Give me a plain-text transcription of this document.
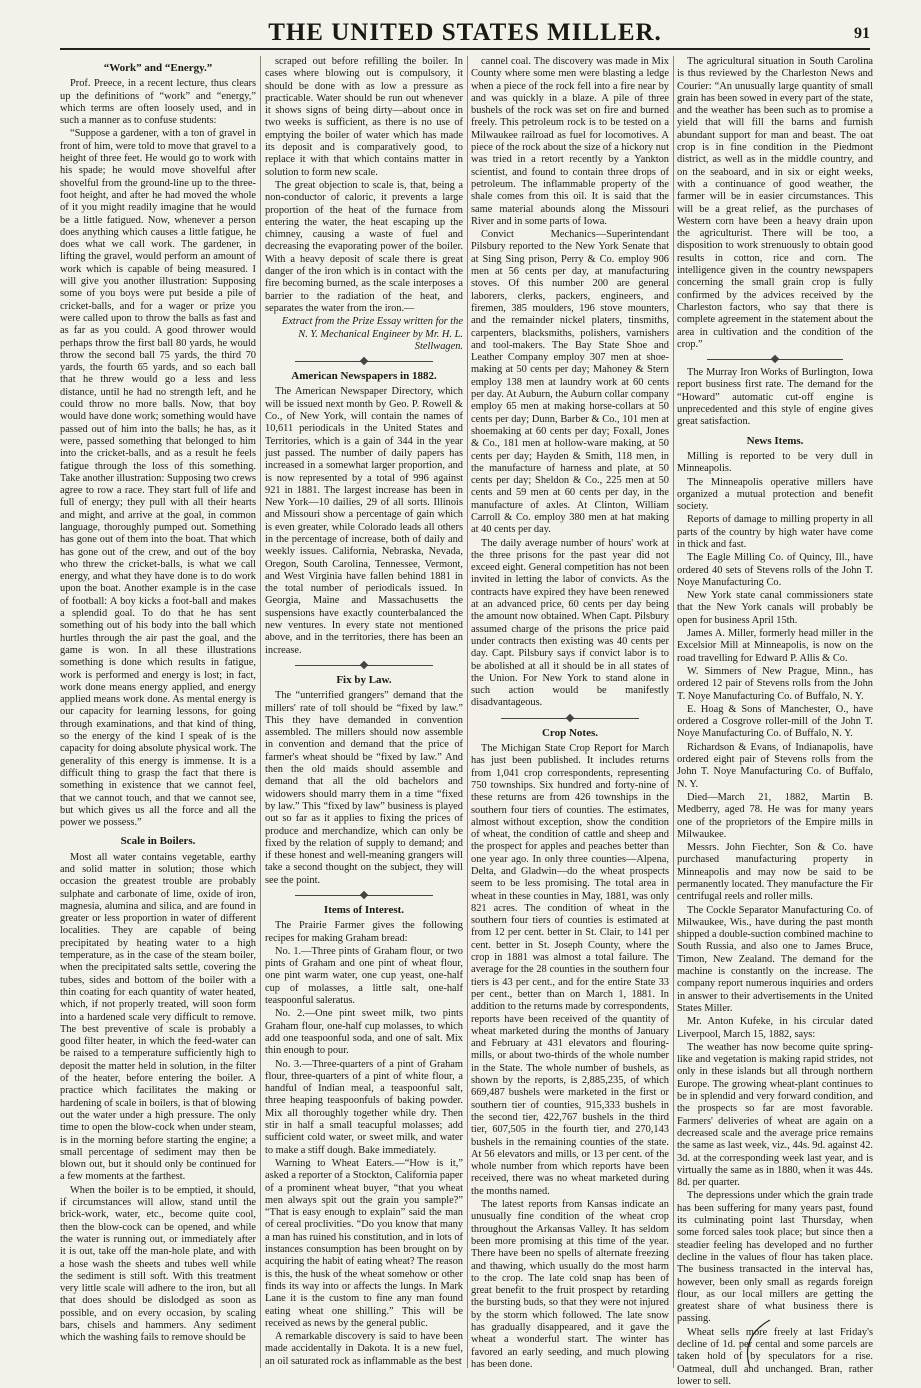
THE UNITED STATES MILLER.	91
“Work” and “Energy.”

Prof. Preece, in a recent lecture, thus clears up the definitions of “work” and “energy,” which terms are often loosely used, and in such a manner as to confuse students:

“Suppose a gardener, with a ton of gravel in front of him, were told to move that gravel to a height of three feet. He would go to work with his spade; he would move shovelful after shovelful from the ground-line up to the three-foot height, and after he had moved the whole of it you might readily imagine that he would be a little fatigued. Now, whenever a person does anything which causes a little fatigue, he does what we call work. The gardener, in lifting the gravel, would perform an amount of work which is capable of being measured. I will give you another illustration: Supposing some of you boys were put beside a pile of cricket-balls, and for a wager or prize you were called upon to throw the balls as fast and as far as you could. A good thrower would perhaps throw the first ball 80 yards, he would throw the second ball 75 yards, the third 70 yards, the fourth 65 yards, and so each ball that he threw would go a less and less distance, until he had no strength left, and he could throw no more balls. Now, that boy would have done work; something would have passed out of him into the balls; he has, as it were, passed something that belonged to him into the cricket-balls, and as a result he feels fatigue through the loss of this something. Take another illustration: Supposing two crews agree to row a race. They start full of life and full of energy; they pull with all their hearts and might, and arrive at the goal, in common language, thoroughly pumped out. Something has gone out of them into the boat. That which has gone out of the crew, and out of the boy who threw the cricket-balls, is what we call energy, and what they have done is to do work upon the boat. Another example is in the case of football: A boy kicks a foot-ball and makes a splendid goal. To do that he has sent something out of his body into the ball which hurtles through the air past the goal, and the game is won. In all these illustrations something is done which results in fatigue, work is performed and energy is lost; in fact, work done means energy applied, and energy applied means work done. As mental energy is our capacity for learning lessons, for going through examinations, and that kind of thing, so the energy of the kind I speak of is the capacity for doing absolute physical work. The generality of this energy is immense. It is a difficult thing to grasp the fact that there is something in existence that we cannot feel, that we cannot touch, and that we cannot see, but which gives us all the force and all the power we possess.”

Scale in Boilers.

Most all water contains vegetable, earthy and solid matter in solution; those which occasion the greatest trouble are probably sulphate and carbonate of lime, oxide of iron, magnesia, alumina and silica, and are found in greater or less proportion in water of different localities. They are capable of being precipitated by heating water to a high temperature, as in the case of the steam boiler, when the precipitated salts settle, covering the tubes, sides and bottom of the boiler with a thin coating for each quantity of water heated, which, if not properly treated, will soon form into a hardened scale very difficult to remove. The best preventive of scale is probably a good filter heater, in which the feed-water can be raised to a temperature sufficiently high to deposit the matter held in solution, in the filter of the heater, before entering the boiler. A practice which facilitates the making or hardening of scale in boilers, is that of blowing out the water under a high pressure. The only time to open the blow-cock when under steam, is in the morning before starting the engine; a small percentage of sediment may then be blown out, but it should only be continued for a few moments at the farthest.

When the boiler is to be emptied, it should, if circumstances will allow, stand until the brick-work, water, etc., become quite cool, then the blow-cock can be opened, and while the water is running out, or immediately after it is out, take off the man-hole plate, and with a hose wash the sheets and tubes well while the sediment is still soft. With this treatment very little scale will adhere to the iron, but all that does should be dislodged as soon as possible, and on every occasion, by scaling bars, chisels and hammers. Any sediment which the washing fails to remove should be

scraped out before refilling the boiler. In cases where blowing out is compulsory, it should be done with as low a pressure as practicable. Water should be run out whenever it shows signs of being dirty—about once in two weeks is sufficient, as there is no use of emptying the boiler of water which has made its deposit and is comparatively good, to replace it with that which contains matter in solution to form new scale.

The great objection to scale is, that, being a non-conductor of caloric, it prevents a large proportion of the heat of the furnace from entering the water, the heat escaping up the chimney, causing a waste of fuel and decreasing the evaporating power of the boiler. With a heavy deposit of scale there is great danger of the iron which is in contact with the fire becoming burned, as the scale interposes a barrier to the radiation of the heat, and separates the water from the iron.—

Extract from the Prize Essay written for the N. Y. Mechanical Engineer by Mr. H. L. Stellwagen.

American Newspapers in 1882.

The American Newspaper Directory, which will be issued next month by Geo. P. Rowell & Co., of New York, will contain the names of 10,611 periodicals in the United States and Territories, which is a gain of 344 in the year just passed. The number of daily papers has increased in a somewhat larger proportion, and is now represented by a total of 996 against 921 in 1881. The largest increase has been in New York—10 dailies, 29 of all sorts. Illinois and Missouri show a percentage of gain which is even greater, while Colorado leads all others in the percentage of increase, both of daily and weekly issues. California, Nebraska, Nevada, Oregon, South Carolina, Tennessee, Vermont, and West Virginia have fallen behind 1881 in the total number of periodicals issued. In Georgia, Maine and Massachusetts the suspensions have exactly counterbalanced the new ventures. In every state not mentioned above, and in the territories, there has been an increase.

Fix by Law.

The “unterrified grangers” demand that the millers' rate of toll should be “fixed by law.” This they have demanded in convention assembled. The millers should now assemble in convention and demand that the price of farmer's wheat should be “fixed by law.” And then the old maids should assemble and demand that all the old bachelors and widowers should marry them in a time “fixed by law.” This “fixed by law” business is played out so far as it applies to fixing the prices of produce and merchandize, which can only be fixed by the relation of supply to demand; and if these honest and well-meaning grangers will take a second thought on the subject, they will see the point.

Items of Interest.

The Prairie Farmer gives the following recipes for making Graham bread:

No. 1.—Three pints of Graham flour, or two pints of Graham and one pint of wheat flour, one pint warm water, one cup yeast, one-half cup of molasses, a little salt, one-half teaspoonful saleratus.

No. 2.—One pint sweet milk, two pints Graham flour, one-half cup molasses, to which add one teaspoonful soda, and one of salt. Mix thin enough to pour.

No. 3.—Three-quarters of a pint of Graham flour, three-quarters of a pint of white flour, a handful of Indian meal, a teaspoonful salt, three heaping teaspoonfuls of baking powder. Mix all thoroughly together while dry. Then stir in half a small teacupful molasses; add sufficient cold water, or sweet milk, and water to make a stiff dough. Bake immediately.

Warning to Wheat Eaters.—“How is it,” asked a reporter of a Stockton, California paper of a prominent wheat buyer, “that you wheat men always spit out the grain you sample?” “That is easy enough to explain” said the man of cereal proclivities. “Do you know that many a man has ruined his constitution, and in lots of instances consumption has been brought on by acquiring the habit of eating wheat? The reason is this, the husk of the wheat somehow or other finds its way into or affects the lungs. In Mark Lane it is the custom to fine any man found eating wheat one shilling.” This will be received as news by the general public.

A remarkable discovery is said to have been made accidentally in Dakota. It is a new fuel, an oil saturated rock as inflammable as the best

cannel coal. The discovery was made in Mix County where some men were blasting a ledge when a piece of the rock fell into a fire near by and was quickly in a blaze. A pile of three bushels of the rock was set on fire and burned freely. This petroleum rock is to be tested on a Milwaukee railroad as fuel for locomotives. A piece of the rock about the size of a hickory nut was tried in a retort recently by a Yankton scientist, and found to contain three drops of petroleum. The inflammable property of the shale comes from this oil. It is said that the same material abounds along the Missouri River and in some parts of Iowa.

Convict Mechanics—Superintendant Pilsbury reported to the New York Senate that at Sing Sing prison, Perry & Co. employ 906 men at 56 cents per day, at manufacturing stoves. Of this number 200 are general laborers, clerks, packers, engineers, and firemen, 385 moulders, 196 stove mounters, and the remainder nickel platers, tinsmiths, carpenters, blacksmiths, polishers, varnishers and tool-makers. The Bay State Shoe and Leather Company employ 307 men at shoe-making at 50 cents per day; Mahoney & Stern employ 138 men at laundry work at 60 cents per day. At Auburn, the Auburn collar company employ 65 men at making horse-collars at 50 cents per day; Dunn, Barber & Co., 101 men at shoemaking at 60 cents per day; Foxall, Jones & Co., 181 men at hollow-ware making, at 50 cents per day; Hayden & Smith, 118 men, in the manufacture of harness and plate, at 50 cents per day; Sheldon & Co., 225 men at 50 cents and 59 men at 60 cents per day, in the manufacture of axles. At Clinton, William Carroll & Co. employ 380 men at hat making at 40 cents per day.

The daily average number of hours' work at the three prisons for the past year did not exceed eight. General competition has not been invited in letting the labor of convicts. As the contracts have expired they have been renewed at an advanced price, 60 cents per day being the amount now obtained. When Capt. Pilsbury assumed charge of the prisons the price paid under contracts then existing was 40 cents per day. Capt. Pilsbury says if convict labor is to be abolished at all it should be in all states of the Union. For New York to stand alone in such action would be manifestly disadvantageous.

Crop Notes.

The Michigan State Crop Report for March has just been published. It includes returns from 1,041 crop correspondents, representing 750 townships. Six hundred and forty-nine of these returns are from 426 townships in the southern four tiers of counties. The estimates, almost without exception, show the condition of wheat, the condition of cattle and sheep and the prospect for apples and peaches better than one year ago. In only three counties—Alpena, Delta, and Gladwin—do the wheat prospects seem to be less promising. The total area in wheat in these counties in May, 1881, was only 821 acres. The condition of wheat in the southern four tiers of counties is estimated at from 12 per cent. better in St. Clair, to 141 per cent. better in St. Joseph County, where the crop in 1881 was almost a total failure. The average for the 28 counties in the southern four tiers is 43 per cent., and for the entire State 33 per cent., better than on March 1, 1881. In addition to the returns made by correspondents, reports have been received of the quantity of wheat marketed during the months of January and February at 431 elevators and flouring-mills, or about two-thirds of the whole number in the State. The whole number of bushels, as shown by the reports, is 2,885,235, of which 669,487 bushels were marketed in the first or southern tier of counties, 915,333 bushels in the second tier, 422,767 bushels in the third tier, 607,505 in the fourth tier, and 270,143 bushels in the remaining counties of the state. At 56 elevators and mills, or 13 per cent. of the whole number from which reports have been received, there was no wheat marketed during the months named.

The latest reports from Kansas indicate an unusually fine condition of the wheat crop throughout the Arkansas Valley. It has seldom been more promising at this time of the year. There have been no spells of alternate freezing and thawing, which usually do the most harm to the crop. The late cold snap has been of great benefit to the fruit prospect by retarding the bursting buds, so that they were not injured by the storm which followed. The late snow has gradually disappeared, and it gave the wheat a wonderful start. The winter has favored an early seeding, and much plowing has been done.

The agricultural situation in South Carolina is thus reviewed by the Charleston News and Courier: “An unusually large quantity of small grain has been sowed in every part of the state, and the weather has been such as to promise a yield that will fill the barns and furnish abundant support for man and beast. The oat crop is in fine condition in the Piedmont district, as well as in the middle country, and on the seaboard, and in six or eight weeks, with a continuance of good weather, the farmer will be in easier circumstances. This will be a great relief, as the purchases of Western corn have been a heavy drain upon the agriculturist. There will be too, a disposition to work strenuously to obtain good results in cotton, rice and corn. The intelligence given in the country newspapers concerning the small grain crop is fully confirmed by the advices received by the Charleston factors, who say that there is complete agreement in the statement about the area in cultivation and the condition of the crop.”

The Murray Iron Works of Burlington, Iowa report business first rate. The demand for the “Howard” automatic cut-off engine is unprecedented and this style of engine gives great satisfaction.

News Items.

Milling is reported to be very dull in Minneapolis.

The Minneapolis operative millers have organized a mutual protection and benefit society.

Reports of damage to milling property in all parts of the country by high water have come in thick and fast.

The Eagle Milling Co. of Quincy, Ill., have ordered 40 sets of Stevens rolls of the John T. Noye Manufacturing Co.

New York state canal commissioners state that the New York canals will probably be open for business April 15th.

James A. Miller, formerly head miller in the Excelsior Mill at Minneapolis, is now on the road travelling for Edward P. Allis & Co.

W. Simmers of New Prague, Minn., has ordered 12 pair of Stevens rolls from the John T. Noye Manufacturing Co. of Buffalo, N. Y.

E. Hoag & Sons of Manchester, O., have ordered a Cosgrove roller-mill of the John T. Noye Manufacturing Co. of Buffalo, N. Y.

Richardson & Evans, of Indianapolis, have ordered eight pair of Stevens rolls from the John T. Noye Manufacturing Co. of Buffalo, N. Y.

Died—March 21, 1882, Martin B. Medberry, aged 78. He was for many years one of the proprietors of the Empire mills in Milwaukee.

Messrs. John Fiechter, Son & Co. have purchased manufacturing property in Minneapolis and may now be said to be permanently located. They manufacture the Fir centrifugal reels and roller mills.

The Cockle Separator Manufacturing Co. of Milwaukee, Wis., have during the past month shipped a double-suction combined machine to South Russia, and also one to James Bruce, Timon, New Zealand. The demand for the machine is constantly on the increase. The company report numerous inquiries and orders in answer to their advertisements in the United States Miller.

Mr. Anton Kufeke, in his circular dated Liverpool, March 15, 1882, says:

The weather has now become quite spring-like and vegetation is making rapid strides, not only in these islands but all through northern Europe. The growing wheat-plant continues to be in splendid and very forward condition, and the prospects so far are most favorable. Farmers' deliveries of wheat are again on a decreased scale and the average price remains the same as last week, viz., 44s. 9d. against 42. 3d. at the corresponding week last year, and is virtually the same as in 1880, when it was 44s. 8d. per quarter.

The depressions under which the grain trade has been suffering for many years past, found its culminating point last Thursday, when some forced sales took place; but since then a steadier feeling has developed and no further decline in the values of flour has taken place. The business transacted in the interval has, however, been only small as regards foreign flour, as our local millers are getting the greatest share of what business there is passing.

Wheat sells more freely at last Friday's decline of 1d. per cental and some parcels are taken hold of by speculators for a rise. Oatmeal, dull and unchanged. Bran, rather lower to sell.
